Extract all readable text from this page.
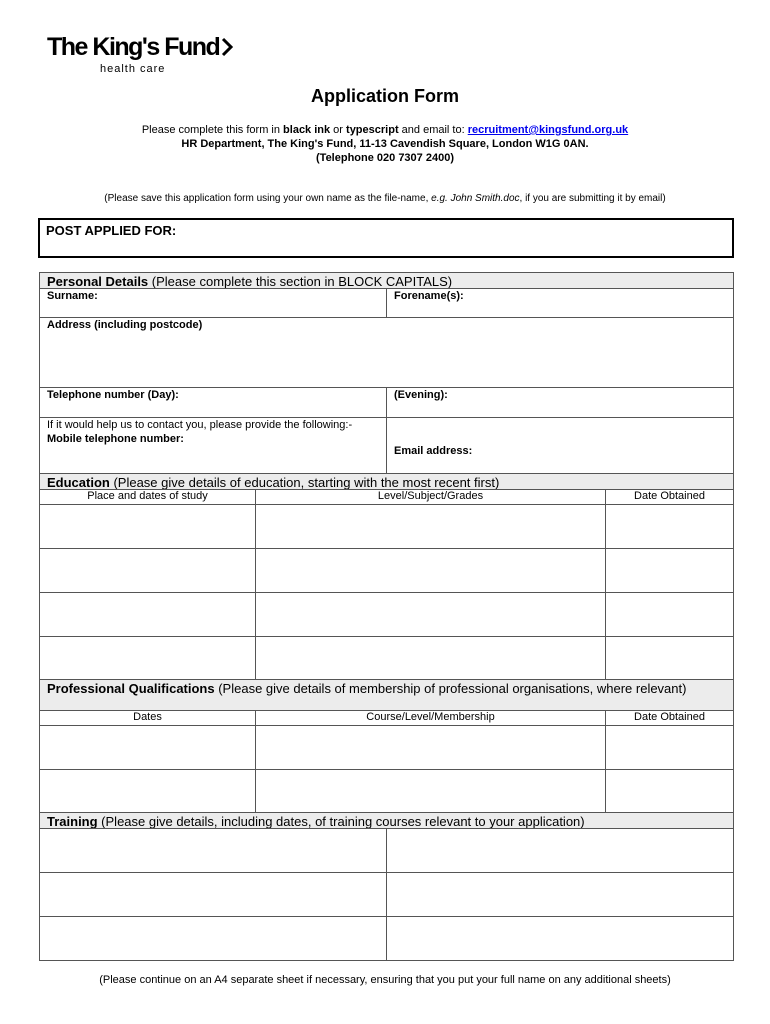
The King's Fund
health care
Application Form
Please complete this form in black ink or typescript and email to: recruitment@kingsfund.org.uk
HR Department, The King's Fund, 11-13 Cavendish Square, London W1G 0AN.
(Telephone 020 7307 2400)
(Please save this application form using your own name as the file-name, e.g. John Smith.doc, if you are submitting it by email)
POST APPLIED FOR:
Personal Details (Please complete this section in BLOCK CAPITALS)
Surname:	Forename(s):
Address (including postcode)
Telephone number (Day):	(Evening):
If it would help us to contact you, please provide the following:-
Mobile telephone number:
Email address:
Education (Please give details of education, starting with the most recent first)
Place and dates of study	Level/Subject/Grades	Date Obtained
Professional Qualifications (Please give details of membership of professional organisations, where relevant)
Dates	Course/Level/Membership	Date Obtained
Training (Please give details, including dates, of training courses relevant to your application)
(Please continue on an A4 separate sheet if necessary, ensuring that you put your full name on any additional sheets)
